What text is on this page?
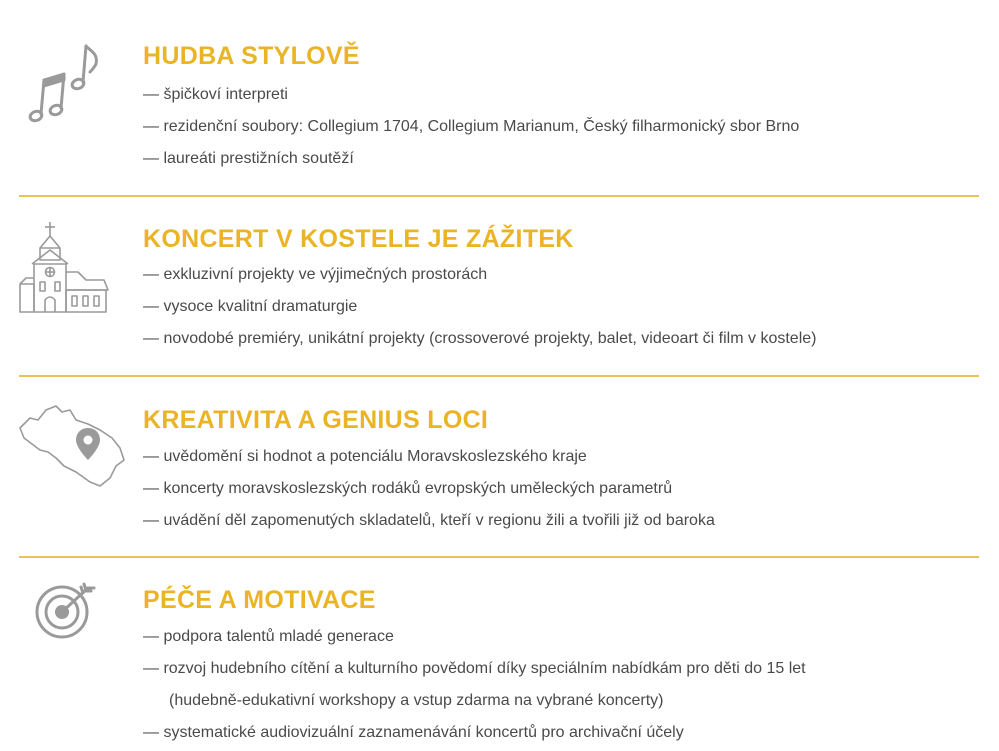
HUDBA STYLOVĚ
— špičkoví interpreti
— rezidenční soubory: Collegium 1704, Collegium Marianum, Český filharmonický sbor Brno
— laureáti prestižních soutěží
KONCERT V KOSTELE JE ZÁŽITEK
— exkluzivní projekty ve výjimečných prostorách
— vysoce kvalitní dramaturgie
— novodobé premiéry, unikátní projekty (crossoverové projekty, balet, videoart či film v kostele)
KREATIVITA A GENIUS LOCI
— uvědomění si hodnot a potenciálu Moravskoslezského kraje
— koncerty moravskoslezských rodáků evropských uměleckých parametrů
— uvádění děl zapomenutých skladatelů, kteří v regionu žili a tvořili již od baroka
PÉČE A MOTIVACE
— podpora talentů mladé generace
— rozvoj hudebního cítění a kulturního povědomí díky speciálním nabídkám pro děti do 15 let
(hudebně-edukativní workshopy a vstup zdarma na vybrané koncerty)
— systematické audiovizuální zaznamenávání koncertů pro archivační účely
